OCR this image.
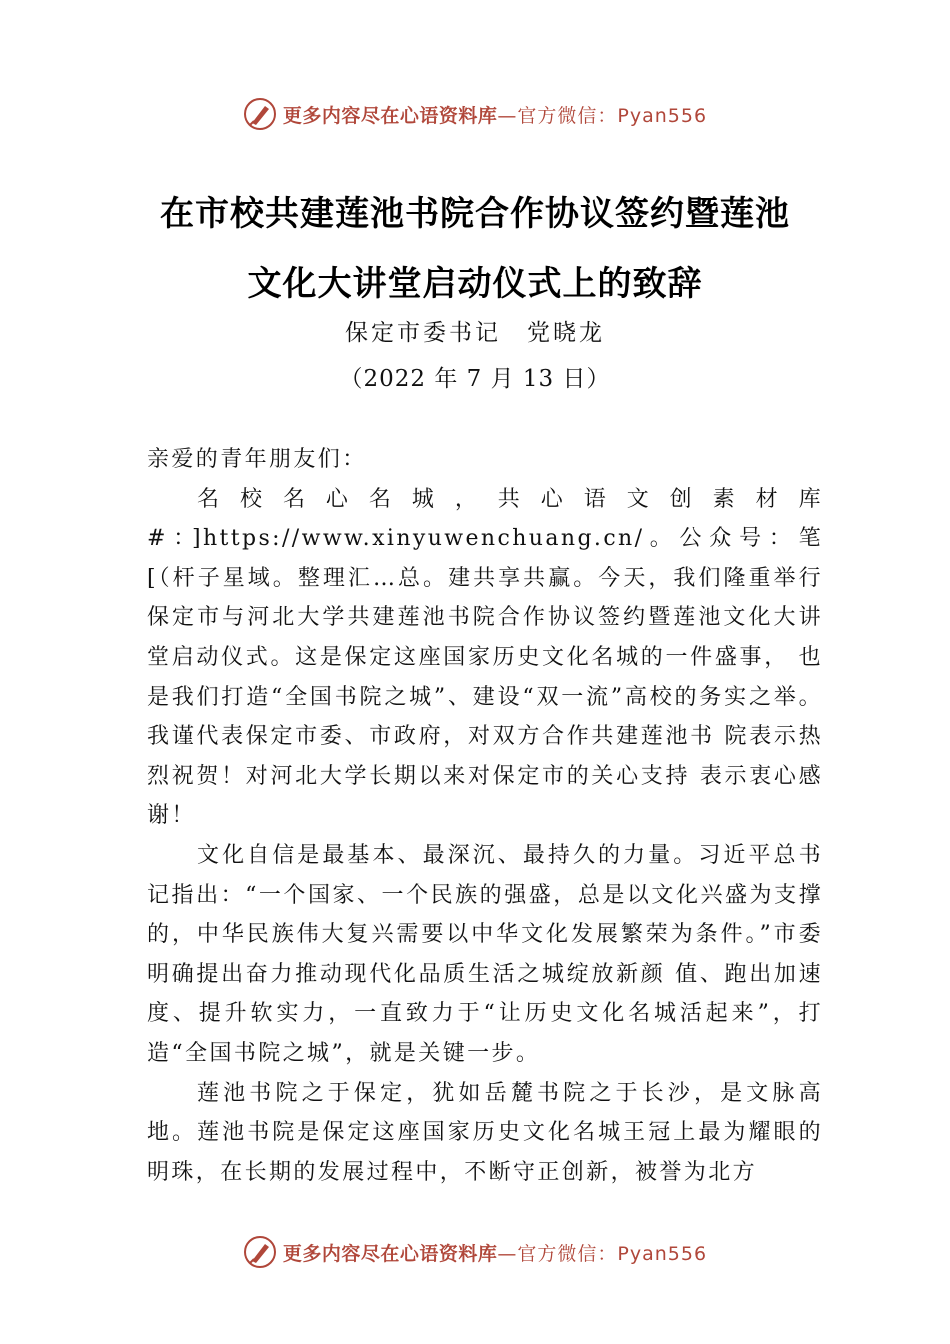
更多内容尽在心语资料库 —官方微信：Pyan556
在市校共建莲池书院合作协议签约暨莲池
文化大讲堂启动仪式上的致辞
保定市委书记　党晓龙
（2022 年 7 月 13 日）

亲爱的青年朋友们：

名校名心名城，共心语文创素材库#：]https://www.xinyuwenchuang.cn/。公众号：笔[（杆子星域。整理汇…总。建共享共赢。今天，我们隆重举行保定市与河北大学共建莲池书院合作协议签约暨莲池文化大讲堂启动仪式。这是保定这座国家历史文化名城的一件盛事， 也是我们打造“全国书院之城”、建设“双一流”高校的务实之举。我谨代表保定市委、市政府，对双方合作共建莲池书 院表示热烈祝贺！对河北大学长期以来对保定市的关心支持 表示衷心感谢！

文化自信是最基本、最深沉、最持久的力量。习近平总书记指出：“一个国家、一个民族的强盛，总是以文化兴盛为支撑的，中华民族伟大复兴需要以中华文化发展繁荣为条件。”市委明确提出奋力推动现代化品质生活之城绽放新颜 值、跑出加速度、提升软实力，一直致力于“让历史文化名城活起来”，打造“全国书院之城”，就是关键一步。

莲池书院之于保定，犹如岳麓书院之于长沙，是文脉高地。莲池书院是保定这座国家历史文化名城王冠上最为耀眼的明珠，在长期的发展过程中，不断守正创新，被誉为北方

更多内容尽在心语资料库 —官方微信：Pyan556
